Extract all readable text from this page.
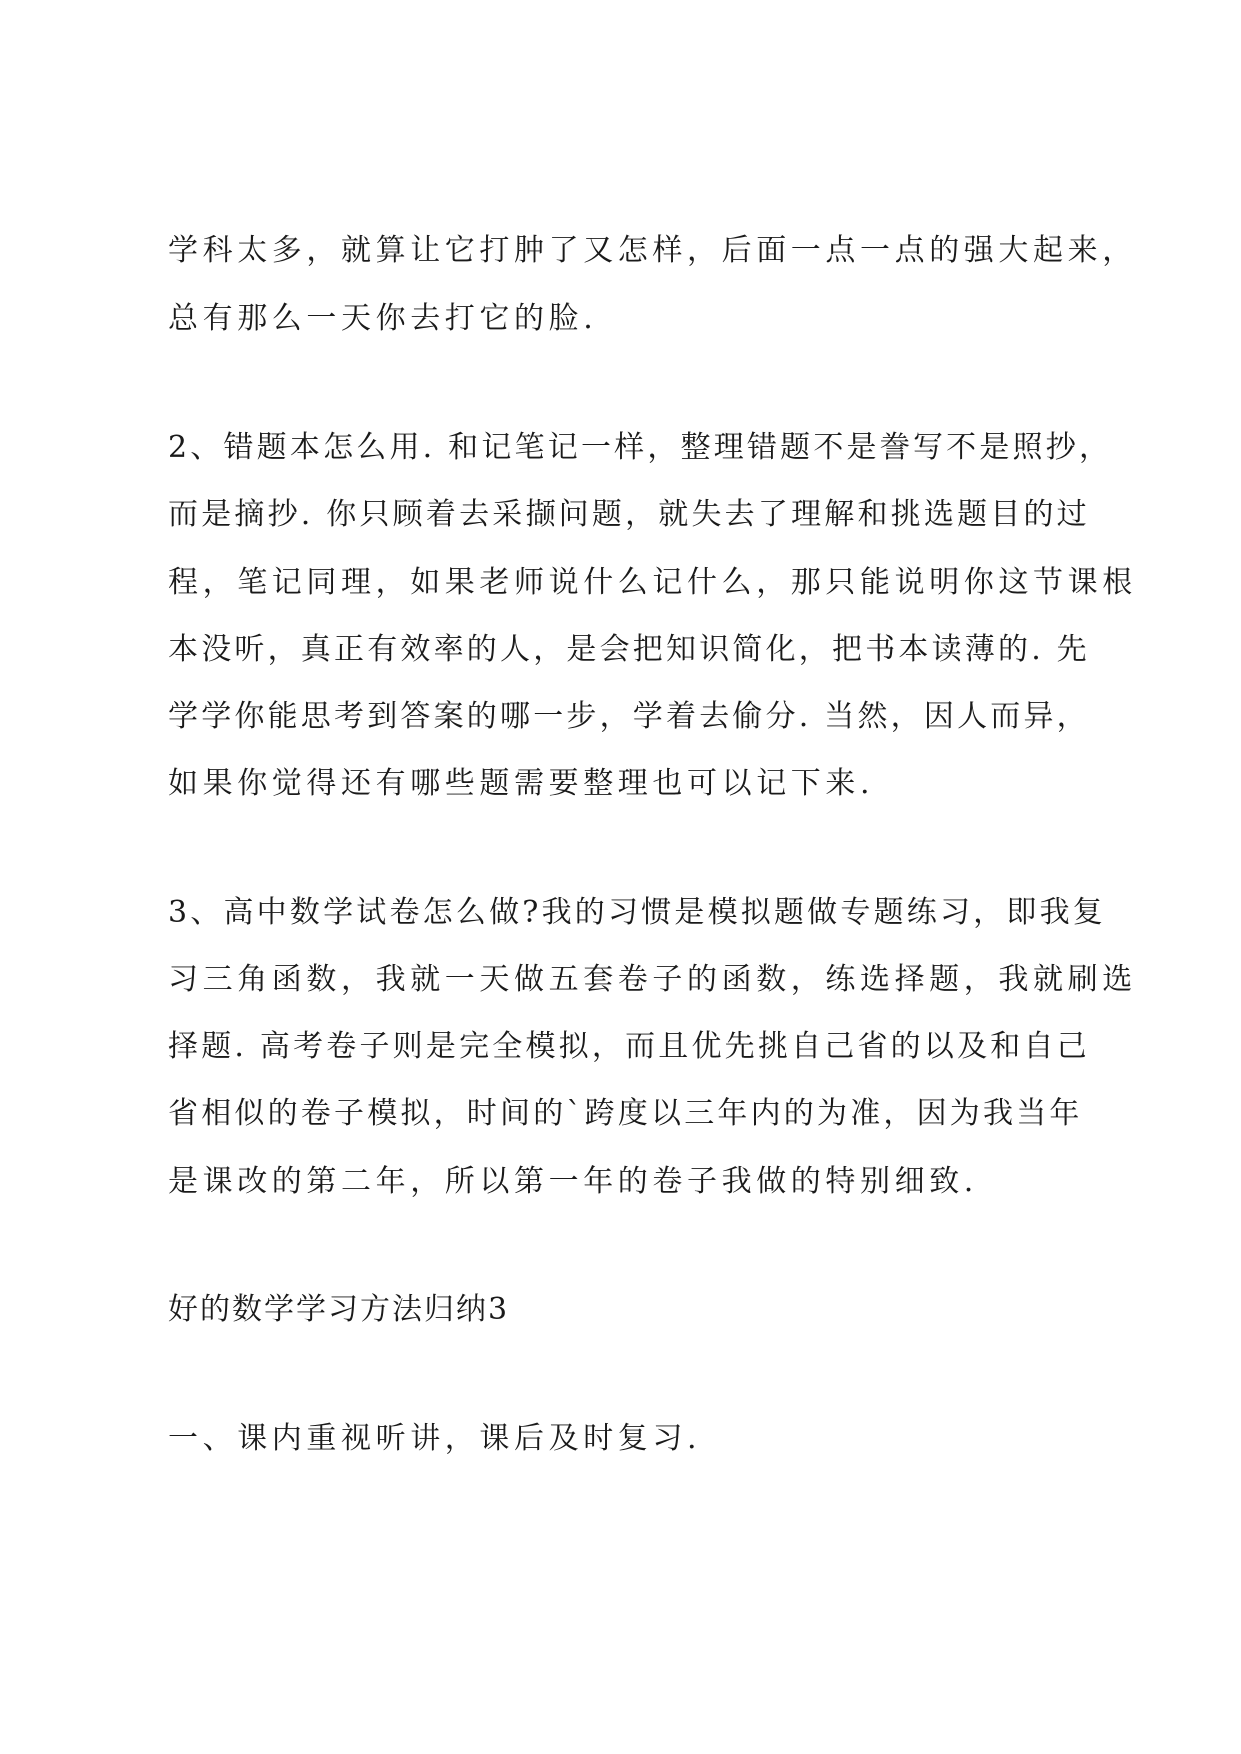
学科太多，就算让它打肿了又怎样，后面一点一点的强大起来，
总有那么一天你去打它的脸.
2、错题本怎么用. 和记笔记一样，整理错题不是誊写不是照抄，
而是摘抄. 你只顾着去采撷问题，就失去了理解和挑选题目的过
程，笔记同理，如果老师说什么记什么，那只能说明你这节课根
本没听，真正有效率的人，是会把知识简化，把书本读薄的. 先
学学你能思考到答案的哪一步，学着去偷分. 当然，因人而异，
如果你觉得还有哪些题需要整理也可以记下来.
3、高中数学试卷怎么做?我的习惯是模拟题做专题练习，即我复
习三角函数，我就一天做五套卷子的函数，练选择题，我就刷选
择题. 高考卷子则是完全模拟，而且优先挑自己省的以及和自己
省相似的卷子模拟，时间的`跨度以三年内的为准，因为我当年
是课改的第二年，所以第一年的卷子我做的特别细致.
好的数学学习方法归纳3
一、课内重视听讲，课后及时复习.
